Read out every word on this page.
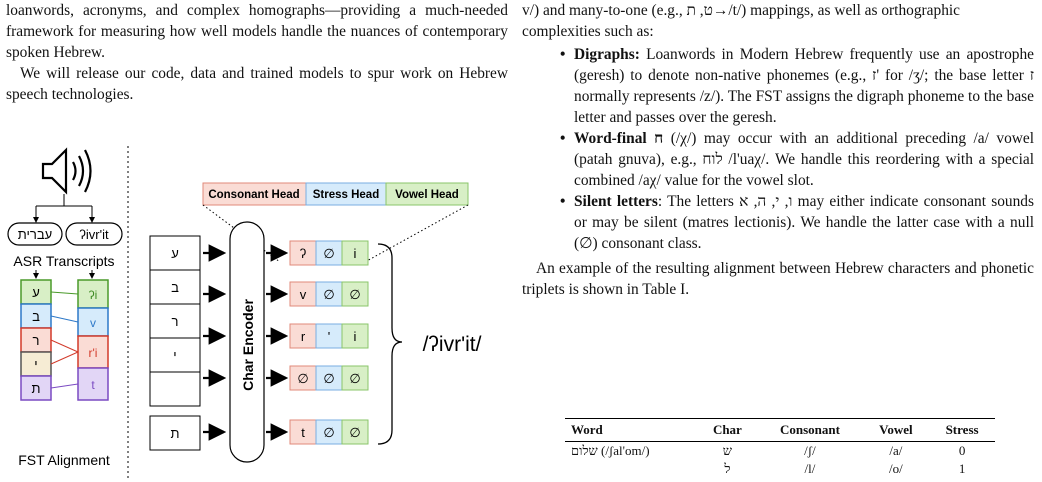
loanwords, acronyms, and complex homographs—providing a much-needed framework for measuring how well models handle the nuances of contemporary spoken Hebrew.

We will release our code, data and trained models to spur work on Hebrew speech technologies.

עברית ʔivr'it
ASR Transcripts
ע
ב
ר
י
ת
ʔi
v
r'i
t
FST Alignment
Consonant Head Stress Head Vowel Head
ע
ב
ר
י
ת
Char Encoder
ʔ ∅ i
v ∅ ∅
r ' i
∅ ∅ ∅
t ∅ ∅
/ʔivr'it/

v/) and many-to-one (e.g., ט, ת→/t/) mappings, as well as orthographic complexities such as:

• Digraphs: Loanwords in Modern Hebrew frequently use an apostrophe (geresh) to denote non-native phonemes (e.g., ז' for /ʒ/; the base letter ז normally represents /z/). The FST assigns the digraph phoneme to the base letter and passes over the geresh.
• Word-final ח (/χ/) may occur with an additional preceding /a/ vowel (patah gnuva), e.g., לוח /l'uaχ/. We handle this reordering with a special combined /aχ/ value for the vowel slot.
• Silent letters: The letters ו, י, ה, א may either indicate consonant sounds or may be silent (matres lectionis). We handle the latter case with a null (∅) consonant class.

An example of the resulting alignment between Hebrew characters and phonetic triplets is shown in Table I.

Word	Char	Consonant	Vowel	Stress
שלום (/ʃal'om/)	ש	/ʃ/	/a/	0
	ל	/l/	/o/	1
